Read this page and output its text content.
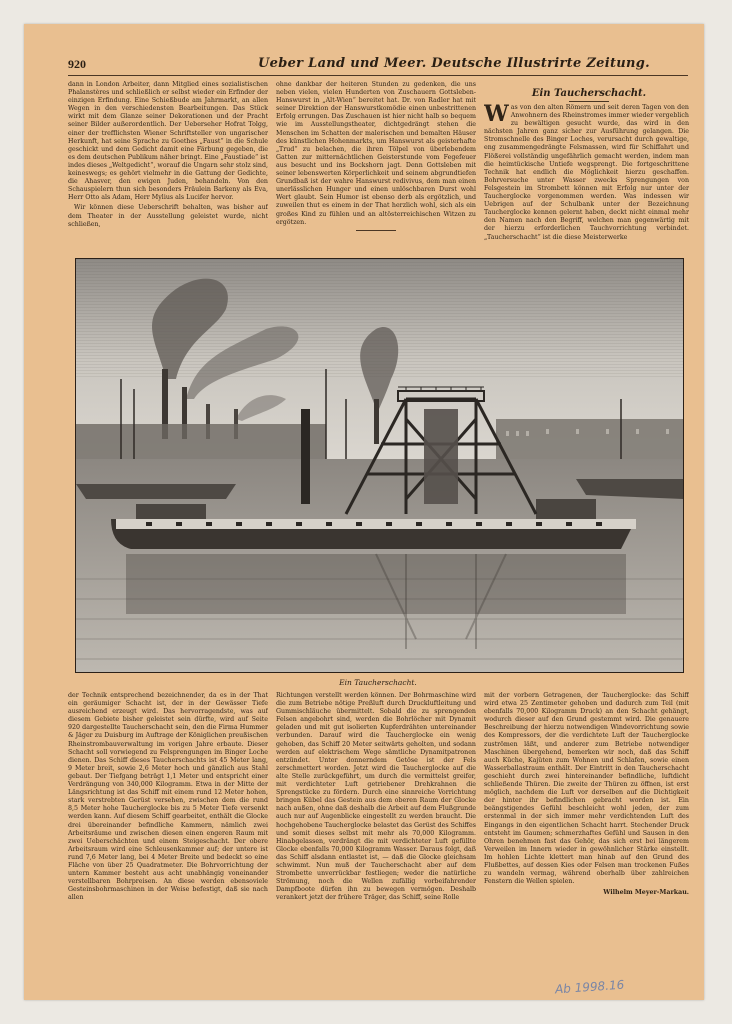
920	Ueber Land und Meer. Deutsche Illustrirte Zeitung.

dann in London Arbeiter, dann Mitglied eines sozialistischen Phalanstères und schließlich er selbst wieder ein Erfinder der einzigen Erfindung. Eine Schießbude am Jahrmarkt, an allen Wegen in den verschiedensten Bearbeitungen. Das Stück wirkt mit dem Glanze seiner Dekorationen und der Pracht seiner Bilder außerordentlich. Der Ueberseher Hofrat Tolgg, einer der trefflichsten Wiener Schriftsteller von ungarischer Herkunft, hat seine Sprache zu Goethes „Faust“ in die Schule geschickt und dem Gedicht damit eine Färbung gegeben, die es dem deutschen Publikum näher bringt. Eine „Faustiade“ ist indes dieses „Weltgedicht“, worauf die Ungarn sehr stolz sind, keineswegs; es gehört vielmehr in die Gattung der Gedichte, die Ahasver, den ewigen Juden, behandeln. Von den Schauspielern thun sich besonders Fräulein Barkeny als Eva, Herr Otto als Adam, Herr Mylius als Lucifer hervor.

Wir können diese Ueberschrift behalten, was bisher auf dem Theater in der Ausstellung geleistet wurde, nicht schließen,

ohne dankbar der heiteren Stunden zu gedenken, die uns neben vielen, vielen Hunderten von Zuschauern Gottsleben-Hanswurst in „Alt-Wien“ bereitet hat. Dr. von Radler hat mit seiner Direktion der Hanswurstkomödie einen unbestrittenen Erfolg errungen. Das Zuschauen ist hier nicht halb so bequem wie im Ausstellungstheater, dichtgedrängt stehen die Menschen im Schatten der malerischen und bemalten Häuser des künstlichen Hohenmarkts, um Hanswurst als geisterhafte „Trud“ zu belachen, die ihren Tölpel von überlebendem Gatten zur mitternächtlichen Geisterstunde vom Fegefeuer aus besucht und ins Bockshorn jagt. Denn Gottsleben mit seiner lebenswerten Körperlichkeit und seinem abgrundtiefen Grundbaß ist der wahre Hanswurst redivivus, dem man einen unerlässlichen Hunger und einen unlöschbaren Durst wohl Wert glaubt. Sein Humor ist ebenso derb als ergötzlich, und zuweilen thut es einem in der That herzlich wohl, sich als ein großes Kind zu fühlen und an altösterreichischen Witzen zu ergötzen.

Ein Taucherschacht.

Was von den alten Römern und seit deren Tagen von den Anwohnern des Rheinstromes immer wieder vergeblich zu bewältigen gesucht wurde, das wird in den nächsten Jahren ganz sicher zur Ausführung gelangen. Die Stromschnelle des Binger Loches, verursacht durch gewaltige, eng zusammengedrängte Felsmassen, wird für Schiffahrt und Flößerei vollständig ungefährlich gemacht werden, indem man die heimtückische Untiefe wegsprengt. Die fortgeschrittene Technik hat endlich die Möglichkeit hierzu geschaffen. Bohrversuche unter Wasser zwecks Sprengungen von Felsgestein im Strombett können mit Erfolg nur unter der Taucherglocke vorgenommen werden. Was indessen wir Uebrigen auf der Schulbank unter der Bezeichnung Taucherglocke kennen gelernt haben, deckt nicht einmal mehr den Namen nach den Begriff, welchen man gegenwärtig mit der hierzu erforderlichen Tauchvorrichtung verbindet. „Taucherschacht“ ist die diese Meisterwerke

Ein Taucherschacht.

der Technik entsprechend bezeichnender, da es in der That ein geräumiger Schacht ist, der in der Gewässer Tiefe ausreichend erzeugt wird. Das hervorragendste, was auf diesem Gebiete bisher geleistet sein dürfte, wird auf Seite 920 dargestellte Taucherschacht sein, den die Firma Hummer & Jäger zu Duisburg im Auftrage der Königlichen preußischen Rheinstrombauverwaltung im vorigen Jahre erbaute. Dieser Schacht soll vorwiegend zu Felsprengungen im Binger Loche dienen. Das Schiff dieses Taucherschachts ist 45 Meter lang, 9 Meter breit, sowie 2,6 Meter hoch und gänzlich aus Stahl gebaut. Der Tiefgang beträgt 1,1 Meter und entspricht einer Verdrängung von 340,000 Kilogramm. Etwa in der Mitte der Längsrichtung ist das Schiff mit einem rund 12 Meter hohen, stark verstrebten Gerüst versehen, zwischen dem die rund 8,5 Meter hohe Taucherglocke bis zu 5 Meter Tiefe versenkt werden kann. Auf diesem Schiff gearbeitet, enthält die Glocke drei übereinander befindliche Kammern, nämlich zwei Arbeitsräume und zwischen diesen einen engeren Raum mit zwei Ueberschächten und einem Steigeschacht. Der obere Arbeitsraum wird eine Schleusenkammer auf; der untere ist rund 7,6 Meter lang, bei 4 Meter Breite und bedeckt so eine Fläche von über 25 Quadratmeter. Die Bohrvorrichtung der untern Kammer besteht aus acht unabhängig voneinander verstellbaren Bohrpreisen. An diese werden ebensoviele Gesteinsbohrmaschinen in der Weise befestigt, daß sie nach allen

Richtungen verstellt werden können. Der Bohrmaschine wird die zum Betriebe nötige Preßluft durch Druckluftleitung und Gummischläuche übermittelt. Sobald die zu sprengenden Felsen angebohrt sind, werden die Bohrlöcher mit Dynamit geladen und mit gut isolierten Kupferdrähten untereinander verbunden. Darauf wird die Taucherglocke ein wenig gehoben, das Schiff 20 Meter seitwärts geholten, und sodann werden auf elektrischem Wege sämtliche Dynamitpatronen entzündet. Unter donnerndem Getöse ist der Fels zerschmettert worden. Jetzt wird die Taucherglocke auf die alte Stelle zurückgeführt, um durch die vermittelst greifer, mit verdichteter Luft getriebener Drehkrahnen die Sprengstücke zu fördern. Durch eine sinnreiche Vorrichtung bringen Kübel das Gestein aus dem oberen Raum der Glocke nach außen, ohne daß deshalb die Arbeit auf dem Flußgrunde auch nur auf Augenblicke eingestellt zu werden braucht. Die hochgehobene Taucherglocke belastet das Gerüst des Schiffes und somit dieses selbst mit mehr als 70,000 Kilogramm. Hinabgelassen, verdrängt die mit verdichteter Luft gefüllte Glocke ebenfalls 70,000 Kilogramm Wasser. Daraus folgt, daß das Schiff alsdann entlastet ist, — daß die Glocke gleichsam schwimmt. Nun muß der Taucherschacht aber auf dem Strombette unverrückbar festliegen; weder die natürliche Strömung, noch die Wellen zufällig vorbeifahrender Dampfboote dürfen ihn zu bewegen vermögen. Deshalb verankert jetzt der frühere Träger, das Schiff, seine Rolle

mit der vorbern Getragenen, der Taucherglocke: das Schiff wird etwa 25 Zentimeter gehoben und dadurch zum Teil (mit ebenfalls 70,000 Kilogramm Druck) an den Schacht gehängt, wodurch dieser auf den Grund gestemmt wird. Die genauere Beschreibung der hierzu notwendigen Windevorrichtung sowie des Kompressors, der die verdichtete Luft der Taucherglocke zuströmen läßt, und anderer zum Betriebe notwendiger Maschinen übergehend, bemerken wir noch, daß das Schiff auch Küche, Kajüten zum Wohnen und Schlafen, sowie einen Wasserballastraum enthält. Der Eintritt in den Taucherschacht geschieht durch zwei hintereinander befindliche, luftdicht schließende Thüren. Die zweite der Thüren zu öffnen, ist erst möglich, nachdem die Luft vor derselben auf die Dichtigkeit der hinter ihr befindlichen gebracht worden ist. Ein beängstigendes Gefühl beschleicht wohl jeden, der zum erstenmal in der sich immer mehr verdichtenden Luft des Eingangs in den eigentlichen Schacht harrt. Stechender Druck entsteht im Gaumen; schmerzhaftes Gefühl und Sausen in den Ohren benehmen fast das Gehör, das sich erst bei längerem Verweilen im Innern wieder in gewöhnlicher Stärke einstellt. Im hohlen Lichte klettert man hinab auf den Grund des Flußbettes, auf dessen Kies oder Felsen man trockenen Fußes zu wandeln vermag, während oberhalb über zahlreichen Fenstern die Wellen spielen.

Wilhelm Meyer-Markau.
Ab 1998.16
